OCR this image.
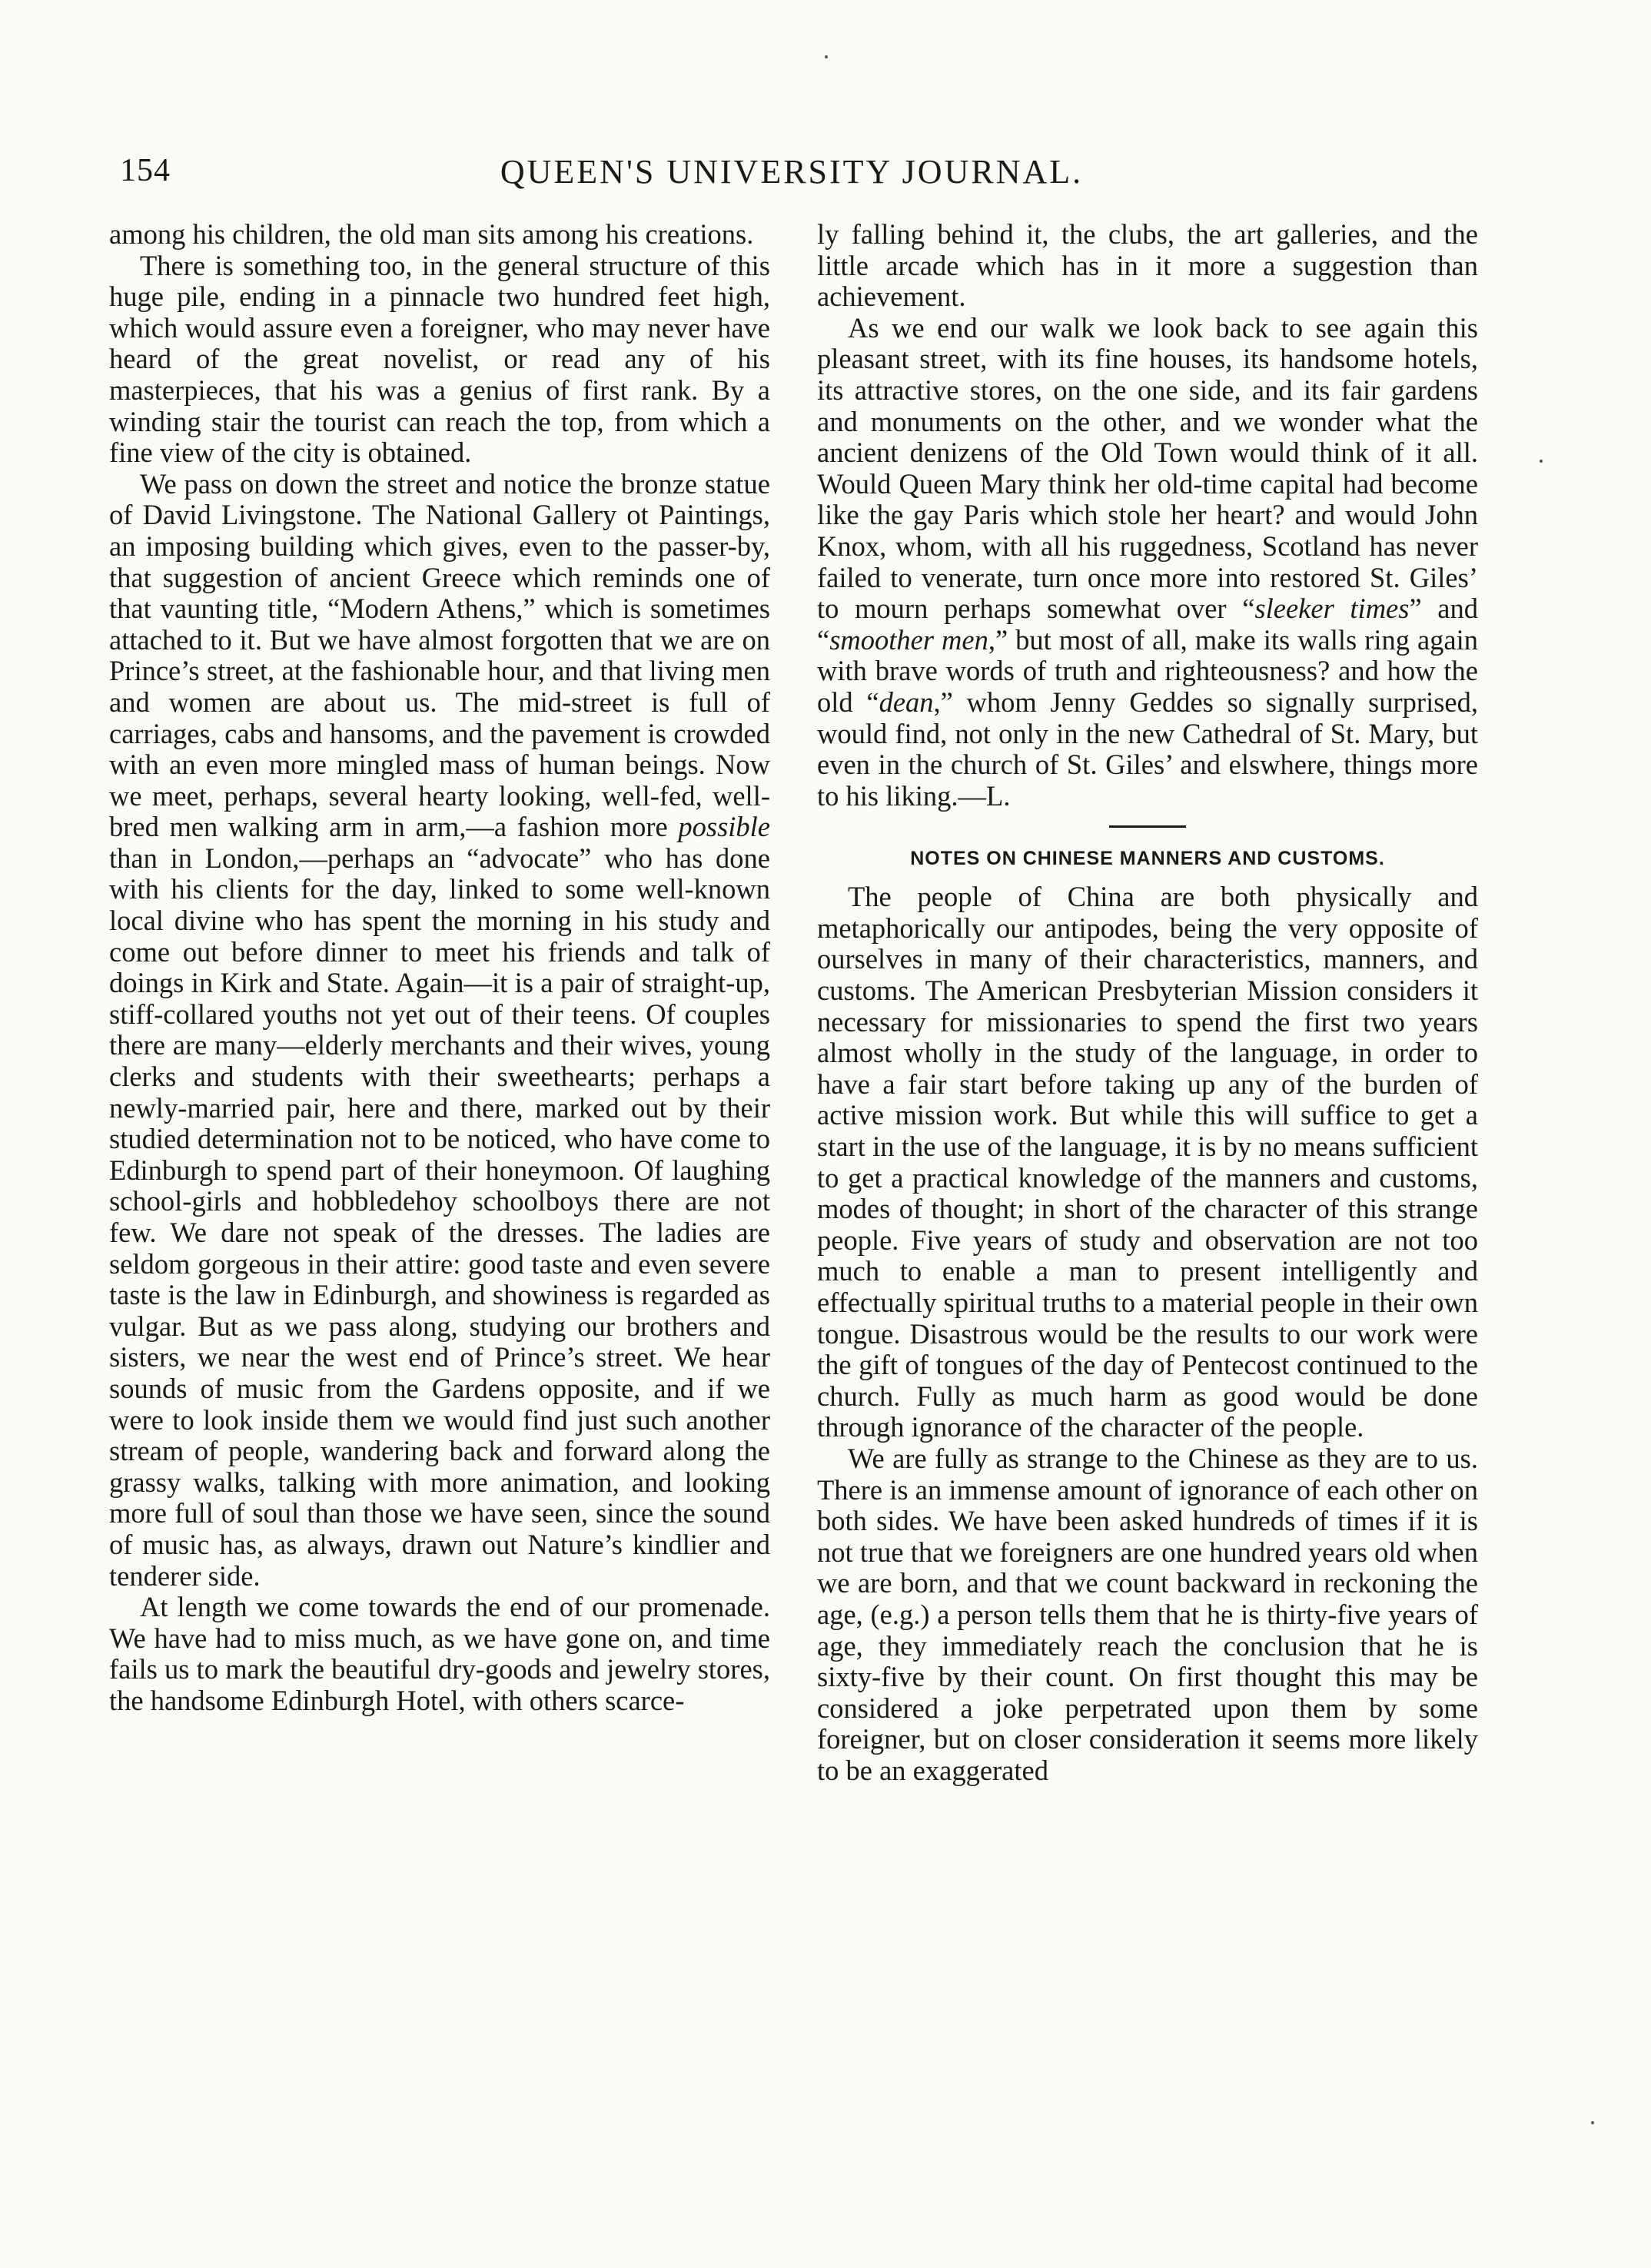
154	QUEEN'S UNIVERSITY JOURNAL.

among his children, the old man sits among his creations.

There is something too, in the general structure of this huge pile, ending in a pinnacle two hundred feet high, which would assure even a foreigner, who may never have heard of the great novelist, or read any of his masterpieces, that his was a genius of first rank. By a winding stair the tourist can reach the top, from which a fine view of the city is obtained.

We pass on down the street and notice the bronze statue of David Livingstone. The National Gallery ot Paintings, an imposing building which gives, even to the passer-by, that suggestion of ancient Greece which reminds one of that vaunting title, “Modern Athens,” which is sometimes attached to it. But we have almost forgotten that we are on Prince’s street, at the fashionable hour, and that living men and women are about us. The mid-street is full of carriages, cabs and hansoms, and the pavement is crowded with an even more mingled mass of human beings. Now we meet, perhaps, several hearty looking, well-fed, well-bred men walking arm in arm,—a fashion more possible than in London,—perhaps an “advocate” who has done with his clients for the day, linked to some well-known local divine who has spent the morning in his study and come out before dinner to meet his friends and talk of doings in Kirk and State. Again—it is a pair of straight-up, stiff-collared youths not yet out of their teens. Of couples there are many—elderly merchants and their wives, young clerks and students with their sweethearts; perhaps a newly-married pair, here and there, marked out by their studied determination not to be noticed, who have come to Edinburgh to spend part of their honeymoon. Of laughing school-girls and hobbledehoy schoolboys there are not few. We dare not speak of the dresses. The ladies are seldom gorgeous in their attire: good taste and even severe taste is the law in Edinburgh, and showiness is regarded as vulgar. But as we pass along, studying our brothers and sisters, we near the west end of Prince’s street. We hear sounds of music from the Gardens opposite, and if we were to look inside them we would find just such another stream of people, wandering back and forward along the grassy walks, talking with more animation, and looking more full of soul than those we have seen, since the sound of music has, as always, drawn out Nature’s kindlier and tenderer side.

At length we come towards the end of our promenade. We have had to miss much, as we have gone on, and time fails us to mark the beautiful dry-goods and jewelry stores, the handsome Edinburgh Hotel, with others scarce-

ly falling behind it, the clubs, the art galleries, and the little arcade which has in it more a suggestion than achievement.

As we end our walk we look back to see again this pleasant street, with its fine houses, its handsome hotels, its attractive stores, on the one side, and its fair gardens and monuments on the other, and we wonder what the ancient denizens of the Old Town would think of it all. Would Queen Mary think her old-time capital had become like the gay Paris which stole her heart? and would John Knox, whom, with all his ruggedness, Scotland has never failed to venerate, turn once more into restored St. Giles’ to mourn perhaps somewhat over “sleeker times” and “smoother men,” but most of all, make its walls ring again with brave words of truth and righteousness? and how the old “dean,” whom Jenny Geddes so signally surprised, would find, not only in the new Cathedral of St. Mary, but even in the church of St. Giles’ and elswhere, things more to his liking.—L.

NOTES ON CHINESE MANNERS AND CUSTOMS.

The people of China are both physically and metaphorically our antipodes, being the very opposite of ourselves in many of their characteristics, manners, and customs. The American Presbyterian Mission considers it necessary for missionaries to spend the first two years almost wholly in the study of the language, in order to have a fair start before taking up any of the burden of active mission work. But while this will suffice to get a start in the use of the language, it is by no means sufficient to get a practical knowledge of the manners and customs, modes of thought; in short of the character of this strange people. Five years of study and observation are not too much to enable a man to present intelligently and effectually spiritual truths to a material people in their own tongue. Disastrous would be the results to our work were the gift of tongues of the day of Pentecost continued to the church. Fully as much harm as good would be done through ignorance of the character of the people.

We are fully as strange to the Chinese as they are to us. There is an immense amount of ignorance of each other on both sides. We have been asked hundreds of times if it is not true that we foreigners are one hundred years old when we are born, and that we count backward in reckoning the age, (e.g.) a person tells them that he is thirty-five years of age, they immediately reach the conclusion that he is sixty-five by their count. On first thought this may be considered a joke perpetrated upon them by some foreigner, but on closer consideration it seems more likely to be an exaggerated
